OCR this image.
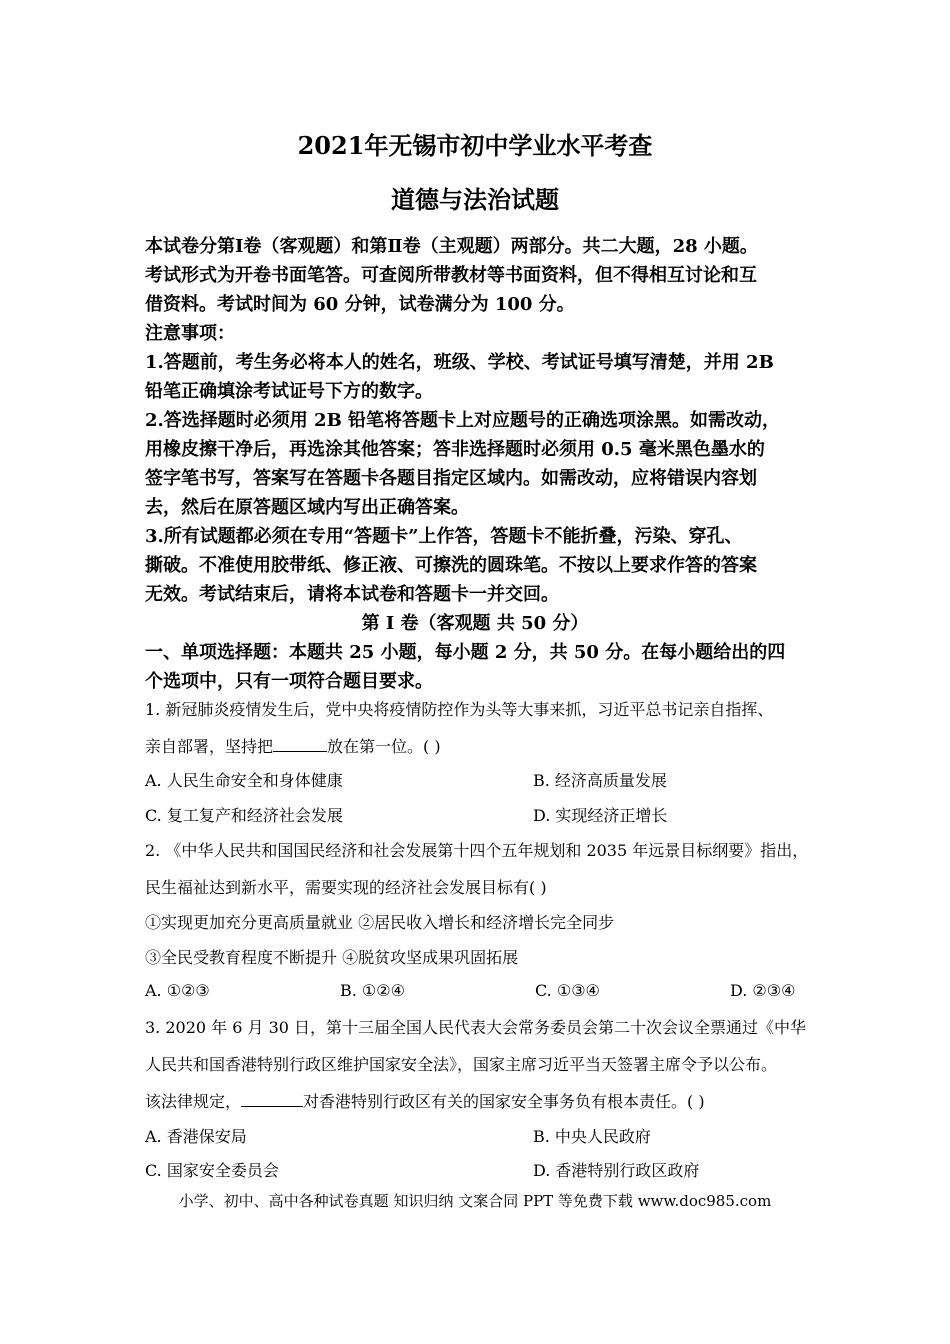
2021年无锡市初中学业水平考查
道德与法治试题
本试卷分第Ⅰ卷（客观题）和第Ⅱ卷（主观题）两部分。共二大题，28 小题。
考试形式为开卷书面笔答。可查阅所带教材等书面资料，但不得相互讨论和互
借资料。考试时间为 60 分钟，试卷满分为 100 分。
注意事项：
1.答题前，考生务必将本人的姓名，班级、学校、考试证号填写清楚，并用 2B
铅笔正确填涂考试证号下方的数字。
2.答选择题时必须用 2B 铅笔将答题卡上对应题号的正确选项涂黑。如需改动，
用橡皮擦干净后，再选涂其他答案；答非选择题时必须用 0.5 毫米黑色墨水的
签字笔书写，答案写在答题卡各题目指定区域内。如需改动，应将错误内容划
去，然后在原答题区域内写出正确答案。
3.所有试题都必须在专用“答题卡”上作答，答题卡不能折叠，污染、穿孔、
撕破。不准使用胶带纸、修正液、可擦洗的圆珠笔。不按以上要求作答的答案
无效。考试结束后，请将本试卷和答题卡一并交回。
第 I 卷（客观题 共 50 分）
一、单项选择题：本题共 25 小题，每小题 2 分，共 50 分。在每小题给出的四
个选项中，只有一项符合题目要求。
1. 新冠肺炎疫情发生后，党中央将疫情防控作为头等大事来抓，习近平总书记亲自指挥、
亲自部署，坚持把	放在第一位。( )
A. 人民生命安全和身体健康	B. 经济高质量发展
C. 复工复产和经济社会发展	D. 实现经济正增长
2. 《中华人民共和国国民经济和社会发展第十四个五年规划和 2035 年远景目标纲要》指出，
民生福祉达到新水平，需要实现的经济社会发展目标有( )
①实现更加充分更高质量就业 ②居民收入增长和经济增长完全同步
③全民受教育程度不断提升 ④脱贫攻坚成果巩固拓展
A. ①②③	B. ①②④	C. ①③④	D. ②③④
3. 2020 年 6 月 30 日，第十三届全国人民代表大会常务委员会第二十次会议全票通过《中华
人民共和国香港特别行政区维护国家安全法》，国家主席习近平当天签署主席令予以公布。
该法律规定，	对香港特别行政区有关的国家安全事务负有根本责任。( )
A. 香港保安局	B. 中央人民政府
C. 国家安全委员会	D. 香港特别行政区政府
小学、初中、高中各种试卷真题 知识归纳 文案合同 PPT 等免费下载 www.doc985.com
